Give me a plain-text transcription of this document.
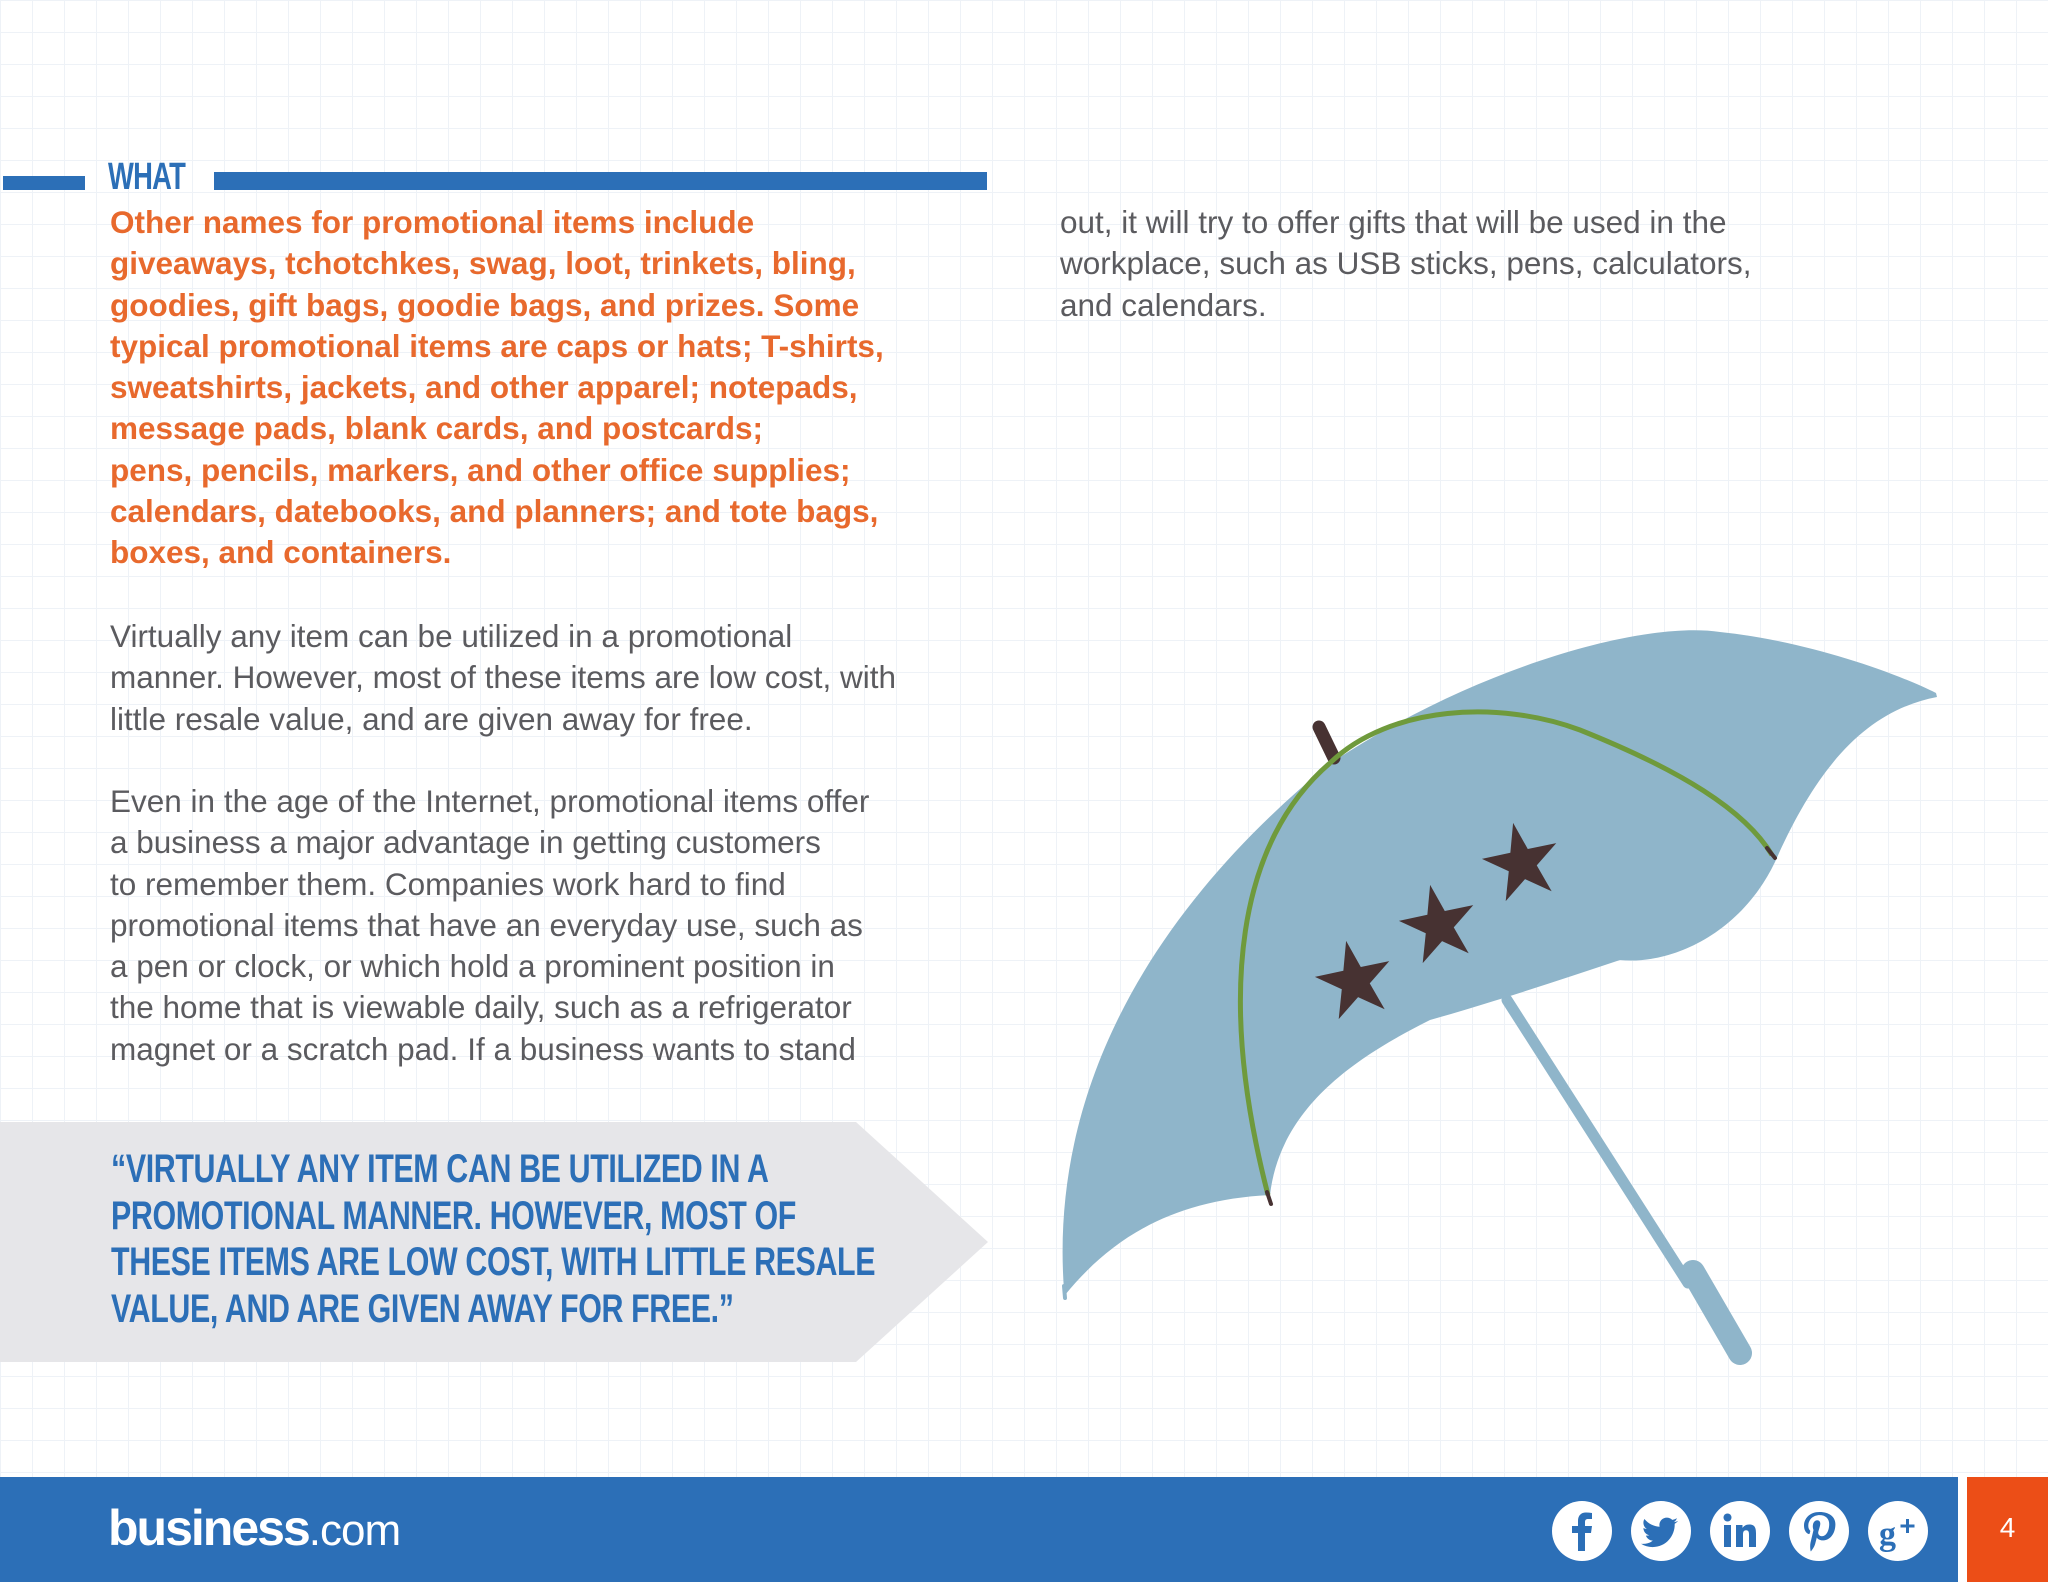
WHAT

Other names for promotional items include
giveaways, tchotchkes, swag, loot, trinkets, bling,
goodies, gift bags, goodie bags, and prizes. Some
typical promotional items are caps or hats; T-shirts,
sweatshirts, jackets, and other apparel; notepads,
message pads, blank cards, and postcards;
pens, pencils, markers, and other office supplies;
calendars, datebooks, and planners; and tote bags,
boxes, and containers.

Virtually any item can be utilized in a promotional
manner. However, most of these items are low cost, with
little resale value, and are given away for free.

Even in the age of the Internet, promotional items offer
a business a major advantage in getting customers
to remember them. Companies work hard to find
promotional items that have an everyday use, such as
a pen or clock, or which hold a prominent position in
the home that is viewable daily, such as a refrigerator
magnet or a scratch pad. If a business wants to stand

out, it will try to offer gifts that will be used in the
workplace, such as USB sticks, pens, calculators,
and calendars.

“VIRTUALLY ANY ITEM CAN BE UTILIZED IN A
PROMOTIONAL MANNER. HOWEVER, MOST OF
THESE ITEMS ARE LOW COST, WITH LITTLE RESALE
VALUE, AND ARE GIVEN AWAY FOR FREE.”

business.com	g	4
